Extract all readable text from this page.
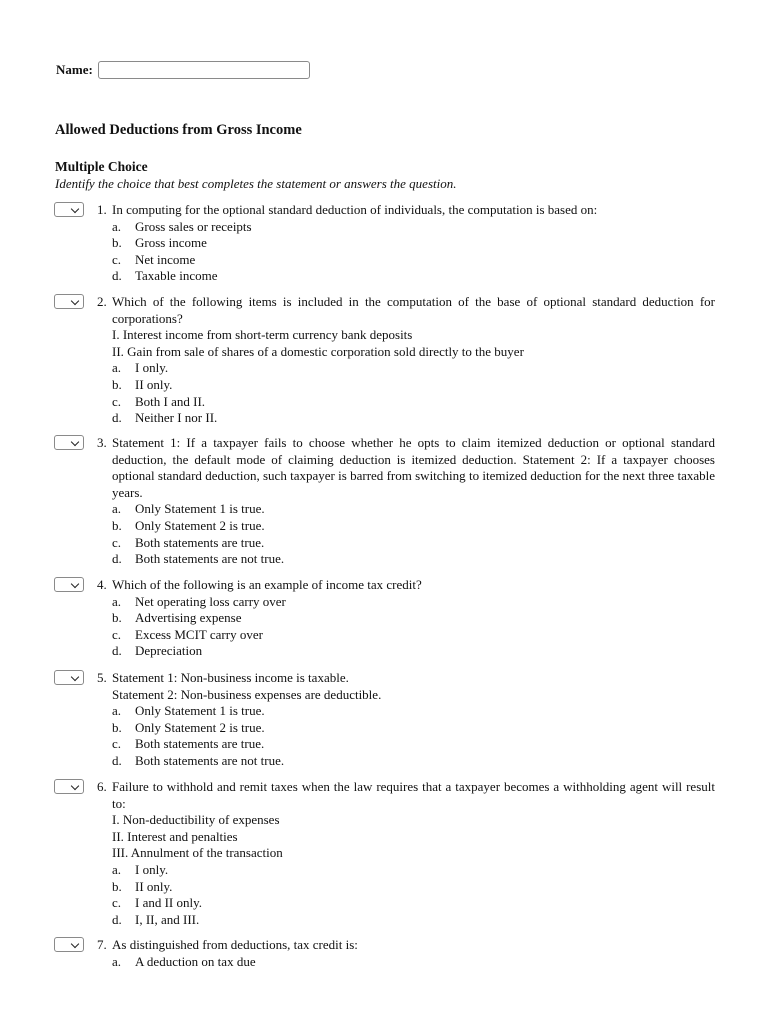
Name:
Allowed Deductions from Gross Income
Multiple Choice
Identify the choice that best completes the statement or answers the question.
1. In computing for the optional standard deduction of individuals, the computation is based on:
a. Gross sales or receipts
b. Gross income
c. Net income
d. Taxable income
2. Which of the following items is included in the computation of the base of optional standard deduction for corporations?
I. Interest income from short-term currency bank deposits
II. Gain from sale of shares of a domestic corporation sold directly to the buyer
a. I only.
b. II only.
c. Both I and II.
d. Neither I nor II.
3. Statement 1: If a taxpayer fails to choose whether he opts to claim itemized deduction or optional standard deduction, the default mode of claiming deduction is itemized deduction. Statement 2: If a taxpayer chooses optional standard deduction, such taxpayer is barred from switching to itemized deduction for the next three taxable years.
a. Only Statement 1 is true.
b. Only Statement 2 is true.
c. Both statements are true.
d. Both statements are not true.
4. Which of the following is an example of income tax credit?
a. Net operating loss carry over
b. Advertising expense
c. Excess MCIT carry over
d. Depreciation
5. Statement 1: Non-business income is taxable.
Statement 2: Non-business expenses are deductible.
a. Only Statement 1 is true.
b. Only Statement 2 is true.
c. Both statements are true.
d. Both statements are not true.
6. Failure to withhold and remit taxes when the law requires that a taxpayer becomes a withholding agent will result to:
I. Non-deductibility of expenses
II. Interest and penalties
III. Annulment of the transaction
a. I only.
b. II only.
c. I and II only.
d. I, II, and III.
7. As distinguished from deductions, tax credit is:
a. A deduction on tax due
